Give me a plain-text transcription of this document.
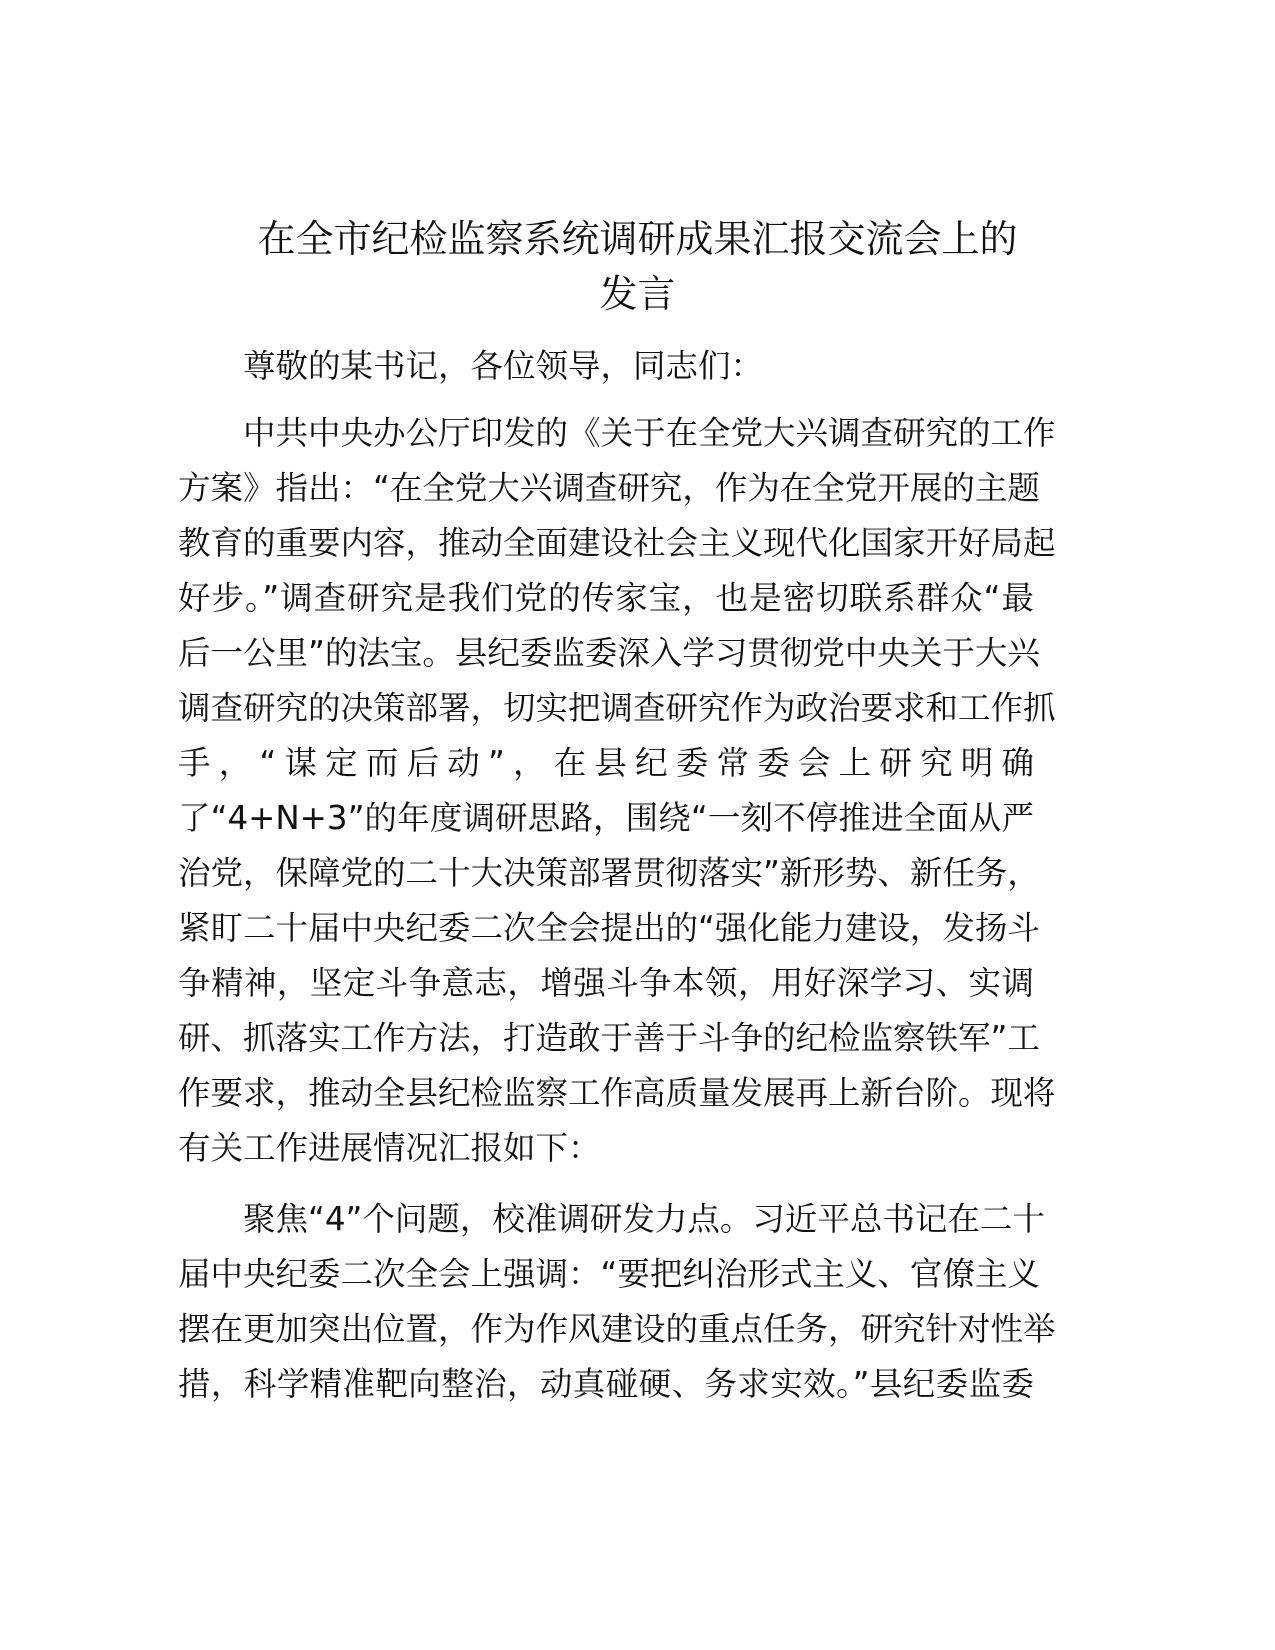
在全市纪检监察系统调研成果汇报交流会上的
发言
尊敬的某书记，各位领导，同志们：
中共中央办公厅印发的《关于在全党大兴调查研究的工作
方案》指出：“在全党大兴调查研究，作为在全党开展的主题
教育的重要内容，推动全面建设社会主义现代化国家开好局起
好步。”调查研究是我们党的传家宝，也是密切联系群众“最
后一公里”的法宝。县纪委监委深入学习贯彻党中央关于大兴
调查研究的决策部署，切实把调查研究作为政治要求和工作抓
手，“谋定而后动”，在县纪委常委会上研究明确
了“4+N+3”的年度调研思路，围绕“一刻不停推进全面从严
治党，保障党的二十大决策部署贯彻落实”新形势、新任务，
紧盯二十届中央纪委二次全会提出的“强化能力建设，发扬斗
争精神，坚定斗争意志，增强斗争本领，用好深学习、实调
研、抓落实工作方法，打造敢于善于斗争的纪检监察铁军”工
作要求，推动全县纪检监察工作高质量发展再上新台阶。现将
有关工作进展情况汇报如下：
聚焦“4”个问题，校准调研发力点。习近平总书记在二十
届中央纪委二次全会上强调：“要把纠治形式主义、官僚主义
摆在更加突出位置，作为作风建设的重点任务，研究针对性举
措，科学精准靶向整治，动真碰硬、务求实效。”县纪委监委
